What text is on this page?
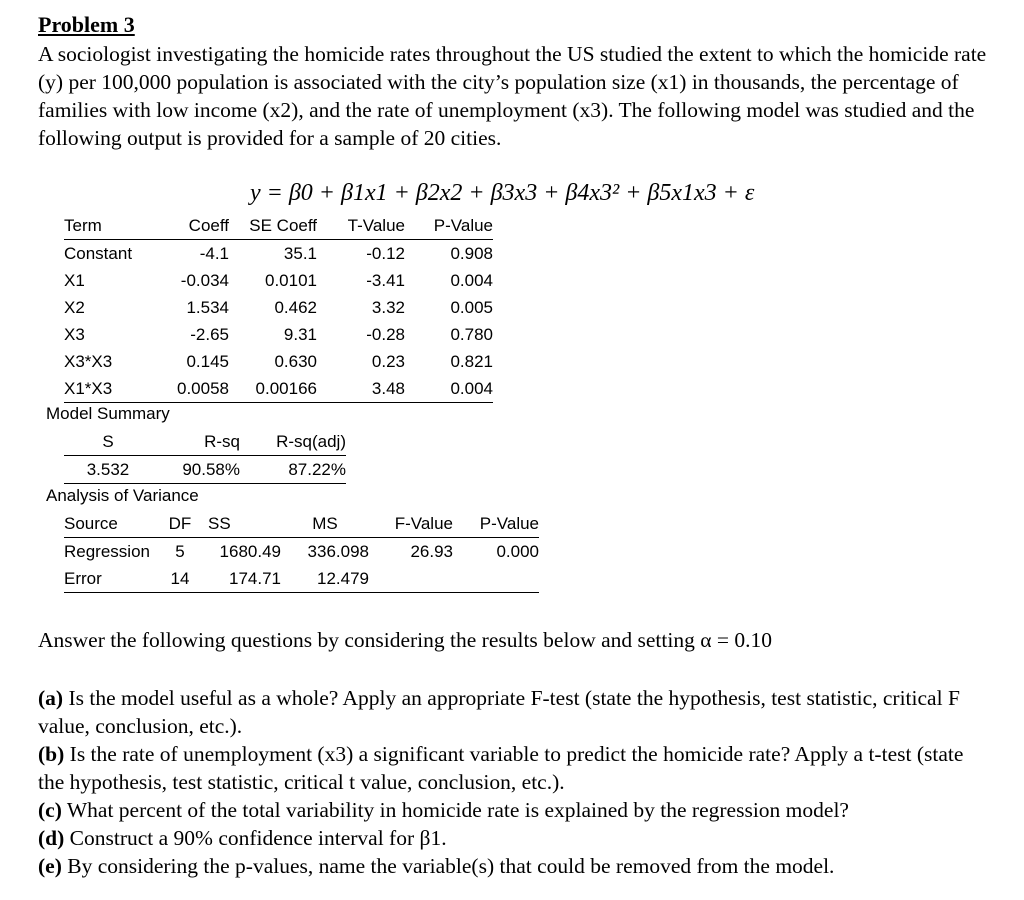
Problem 3
A sociologist investigating the homicide rates throughout the US studied the extent to which the homicide rate (y) per 100,000 population is associated with the city’s population size (x1) in thousands, the percentage of families with low income (x2), and the rate of unemployment (x3). The following model was studied and the following output is provided for a sample of 20 cities.
y = β0 + β1x1 + β2x2 + β3x3 + β4x3² + β5x1x3 + ε
Term	Coeff	SE Coeff	T-Value	P-Value
Constant	-4.1	35.1	-0.12	0.908
X1	-0.034	0.0101	-3.41	0.004
X2	1.534	0.462	3.32	0.005
X3	-2.65	9.31	-0.28	0.780
X3*X3	0.145	0.630	0.23	0.821
X1*X3	0.0058	0.00166	3.48	0.004
Model Summary
S	R-sq	R-sq(adj)
3.532	90.58%	87.22%
Analysis of Variance
Source	DF	SS	MS	F-Value	P-Value
Regression	5	1680.49	336.098	26.93	0.000
Error	14	174.71	12.479		
Answer the following questions by considering the results below and setting α = 0.10

(a) Is the model useful as a whole? Apply an appropriate F-test (state the hypothesis, test statistic, critical F value, conclusion, etc.).

(b) Is the rate of unemployment (x3) a significant variable to predict the homicide rate? Apply a t-test (state the hypothesis, test statistic, critical t value, conclusion, etc.).

(c) What percent of the total variability in homicide rate is explained by the regression model?

(d) Construct a 90% confidence interval for β1.

(e) By considering the p-values, name the variable(s) that could be removed from the model.
